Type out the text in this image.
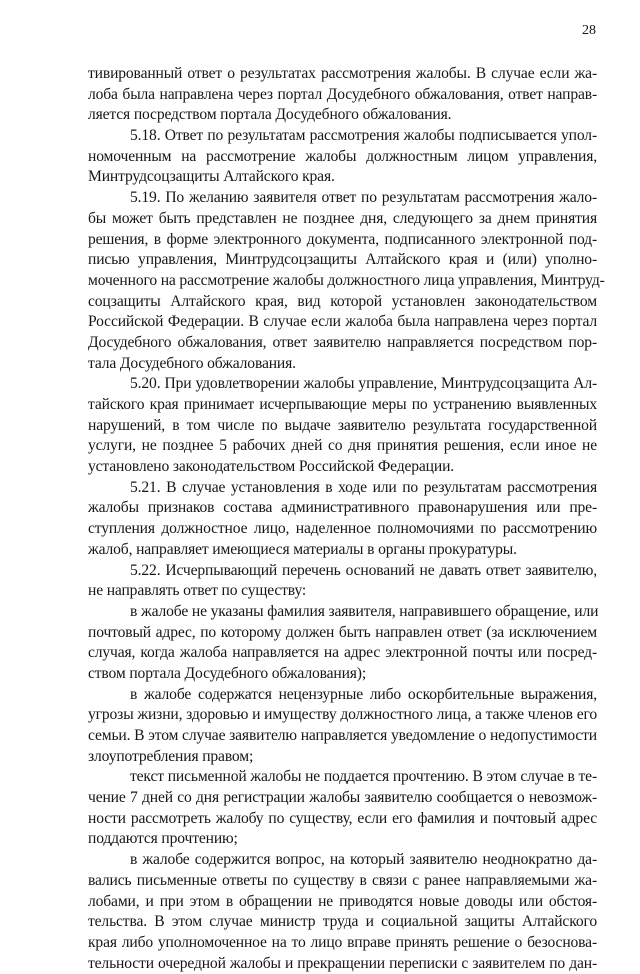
28
тивированный ответ о результатах рассмотрения жалобы. В случае если жа-
лоба была направлена через портал Досудебного обжалования, ответ направ-
ляется посредством портала Досудебного обжалования.
5.18. Ответ по результатам рассмотрения жалобы подписывается упол-
номоченным на рассмотрение жалобы должностным лицом управления,
Минтрудсоцзащиты Алтайского края.
5.19. По желанию заявителя ответ по результатам рассмотрения жало-
бы может быть представлен не позднее дня, следующего за днем принятия
решения, в форме электронного документа, подписанного электронной под-
писью управления, Минтрудсоцзащиты Алтайского края и (или) уполно-
моченного на рассмотрение жалобы должностного лица управления, Минтруд-
соцзащиты Алтайского края, вид которой установлен законодательством
Российской Федерации. В случае если жалоба была направлена через портал
Досудебного обжалования, ответ заявителю направляется посредством пор-
тала Досудебного обжалования.
5.20. При удовлетворении жалобы управление, Минтрудсоцзащита Ал-
тайского края принимает исчерпывающие меры по устранению выявленных
нарушений, в том числе по выдаче заявителю результата государственной
услуги, не позднее 5 рабочих дней со дня принятия решения, если иное не
установлено законодательством Российской Федерации.
5.21. В случае установления в ходе или по результатам рассмотрения
жалобы признаков состава административного правонарушения или пре-
ступления должностное лицо, наделенное полномочиями по рассмотрению
жалоб, направляет имеющиеся материалы в органы прокуратуры.
5.22. Исчерпывающий перечень оснований не давать ответ заявителю,
не направлять ответ по существу:
в жалобе не указаны фамилия заявителя, направившего обращение, или
почтовый адрес, по которому должен быть направлен ответ (за исключением
случая, когда жалоба направляется на адрес электронной почты или посред-
ством портала Досудебного обжалования);
в жалобе содержатся нецензурные либо оскорбительные выражения,
угрозы жизни, здоровью и имуществу должностного лица, а также членов его
семьи. В этом случае заявителю направляется уведомление о недопустимости
злоупотребления правом;
текст письменной жалобы не поддается прочтению. В этом случае в те-
чение 7 дней со дня регистрации жалобы заявителю сообщается о невозмож-
ности рассмотреть жалобу по существу, если его фамилия и почтовый адрес
поддаются прочтению;
в жалобе содержится вопрос, на который заявителю неоднократно да-
вались письменные ответы по существу в связи с ранее направляемыми жа-
лобами, и при этом в обращении не приводятся новые доводы или обстоя-
тельства. В этом случае министр труда и социальной защиты Алтайского
края либо уполномоченное на то лицо вправе принять решение о безоснова-
тельности очередной жалобы и прекращении переписки с заявителем по дан-
